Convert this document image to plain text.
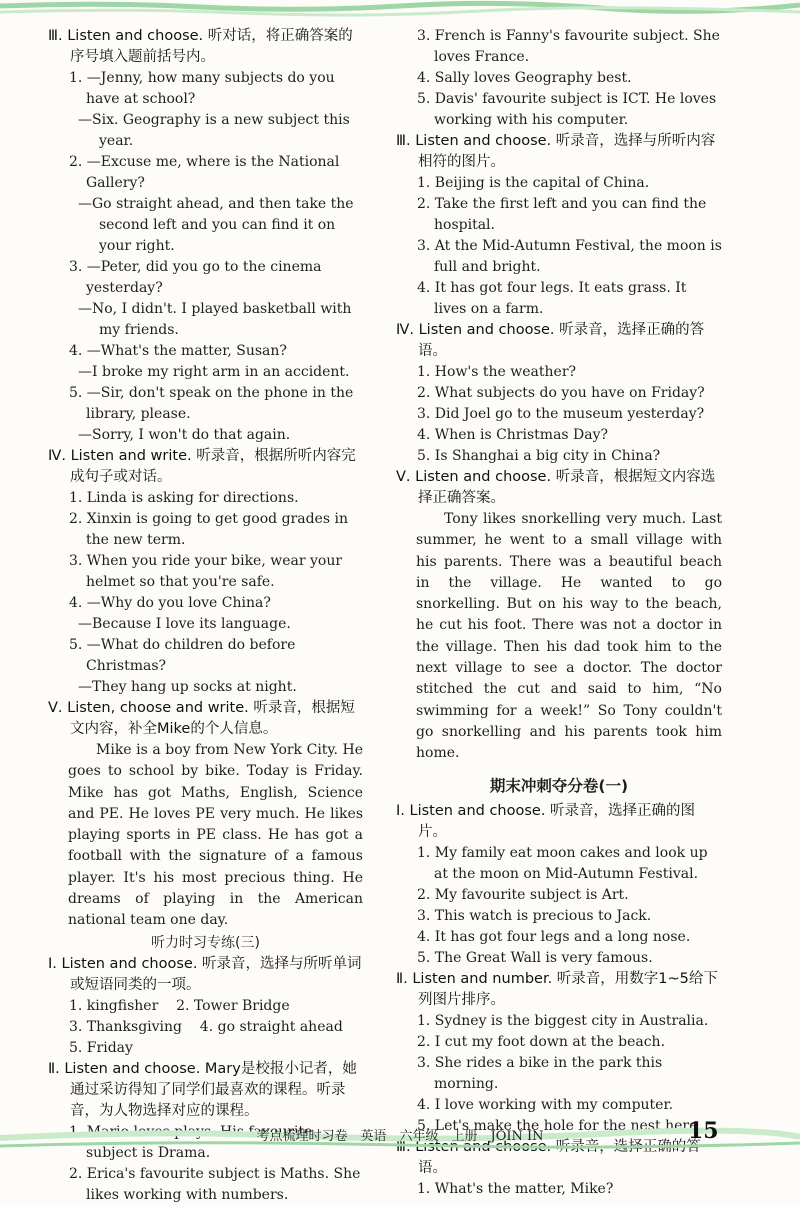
Ⅲ. Listen and choose. 听对话，将正确答案的序号填入题前括号内。

1. —Jenny, how many subjects do you have at school?

—Six. Geography is a new subject this year.

2. —Excuse me, where is the National Gallery?

—Go straight ahead, and then take the second left and you can find it on your right.

3. —Peter, did you go to the cinema yesterday?

—No, I didn't. I played basketball with my friends.

4. —What's the matter, Susan?

—I broke my right arm in an accident.

5. —Sir, don't speak on the phone in the library, please.

—Sorry, I won't do that again.

Ⅳ. Listen and write. 听录音，根据所听内容完成句子或对话。

1. Linda is asking for directions.

2. Xinxin is going to get good grades in the new term.

3. When you ride your bike, wear your helmet so that you're safe.

4. —Why do you love China?

—Because I love its language.

5. —What do children do before Christmas?

—They hang up socks at night.

Ⅴ. Listen, choose and write. 听录音，根据短文内容，补全Mike的个人信息。

Mike is a boy from New York City. He goes to school by bike. Today is Friday. Mike has got Maths, English, Science and PE. He loves PE very much. He likes playing sports in PE class. He has got a football with the signature of a famous player. It's his most precious thing. He dreams of playing in the American national team one day.

听力时习专练(三)

Ⅰ. Listen and choose. 听录音，选择与所听单词或短语同类的一项。

1. kingfisher    2. Tower Bridge

3. Thanksgiving    4. go straight ahead

5. Friday

Ⅱ. Listen and choose. Mary是校报小记者，她通过采访得知了同学们最喜欢的课程。听录音，为人物选择对应的课程。

1. Mario loves plays. His favourite subject is Drama.

2. Erica's favourite subject is Maths. She likes working with numbers.

3. French is Fanny's favourite subject. She loves France.

4. Sally loves Geography best.

5. Davis' favourite subject is ICT. He loves working with his computer.

Ⅲ. Listen and choose. 听录音，选择与所听内容相符的图片。

1. Beijing is the capital of China.

2. Take the first left and you can find the hospital.

3. At the Mid-Autumn Festival, the moon is full and bright.

4. It has got four legs. It eats grass. It lives on a farm.

Ⅳ. Listen and choose. 听录音，选择正确的答语。

1. How's the weather?

2. What subjects do you have on Friday?

3. Did Joel go to the museum yesterday?

4. When is Christmas Day?

5. Is Shanghai a big city in China?

Ⅴ. Listen and choose. 听录音，根据短文内容选择正确答案。

Tony likes snorkelling very much. Last summer, he went to a small village with his parents. There was a beautiful beach in the village. He wanted to go snorkelling. But on his way to the beach, he cut his foot. There was not a doctor in the village. Then his dad took him to the next village to see a doctor. The doctor stitched the cut and said to him, “No swimming for a week!” So Tony couldn't go snorkelling and his parents took him home.

期末冲刺夺分卷(一)

Ⅰ. Listen and choose. 听录音，选择正确的图片。

1. My family eat moon cakes and look up at the moon on Mid-Autumn Festival.

2. My favourite subject is Art.

3. This watch is precious to Jack.

4. It has got four legs and a long nose.

5. The Great Wall is very famous.

Ⅱ. Listen and number. 听录音，用数字1~5给下列图片排序。

1. Sydney is the biggest city in Australia.

2. I cut my foot down at the beach.

3. She rides a bike in the park this morning.

4. I love working with my computer.

5. Let's make the hole for the nest here.

Ⅲ. Listen and choose. 听录音，选择正确的答语。

1. What's the matter, Mike?

考点梳理时习卷　英语　六年级　上册　JOIN IN	15
